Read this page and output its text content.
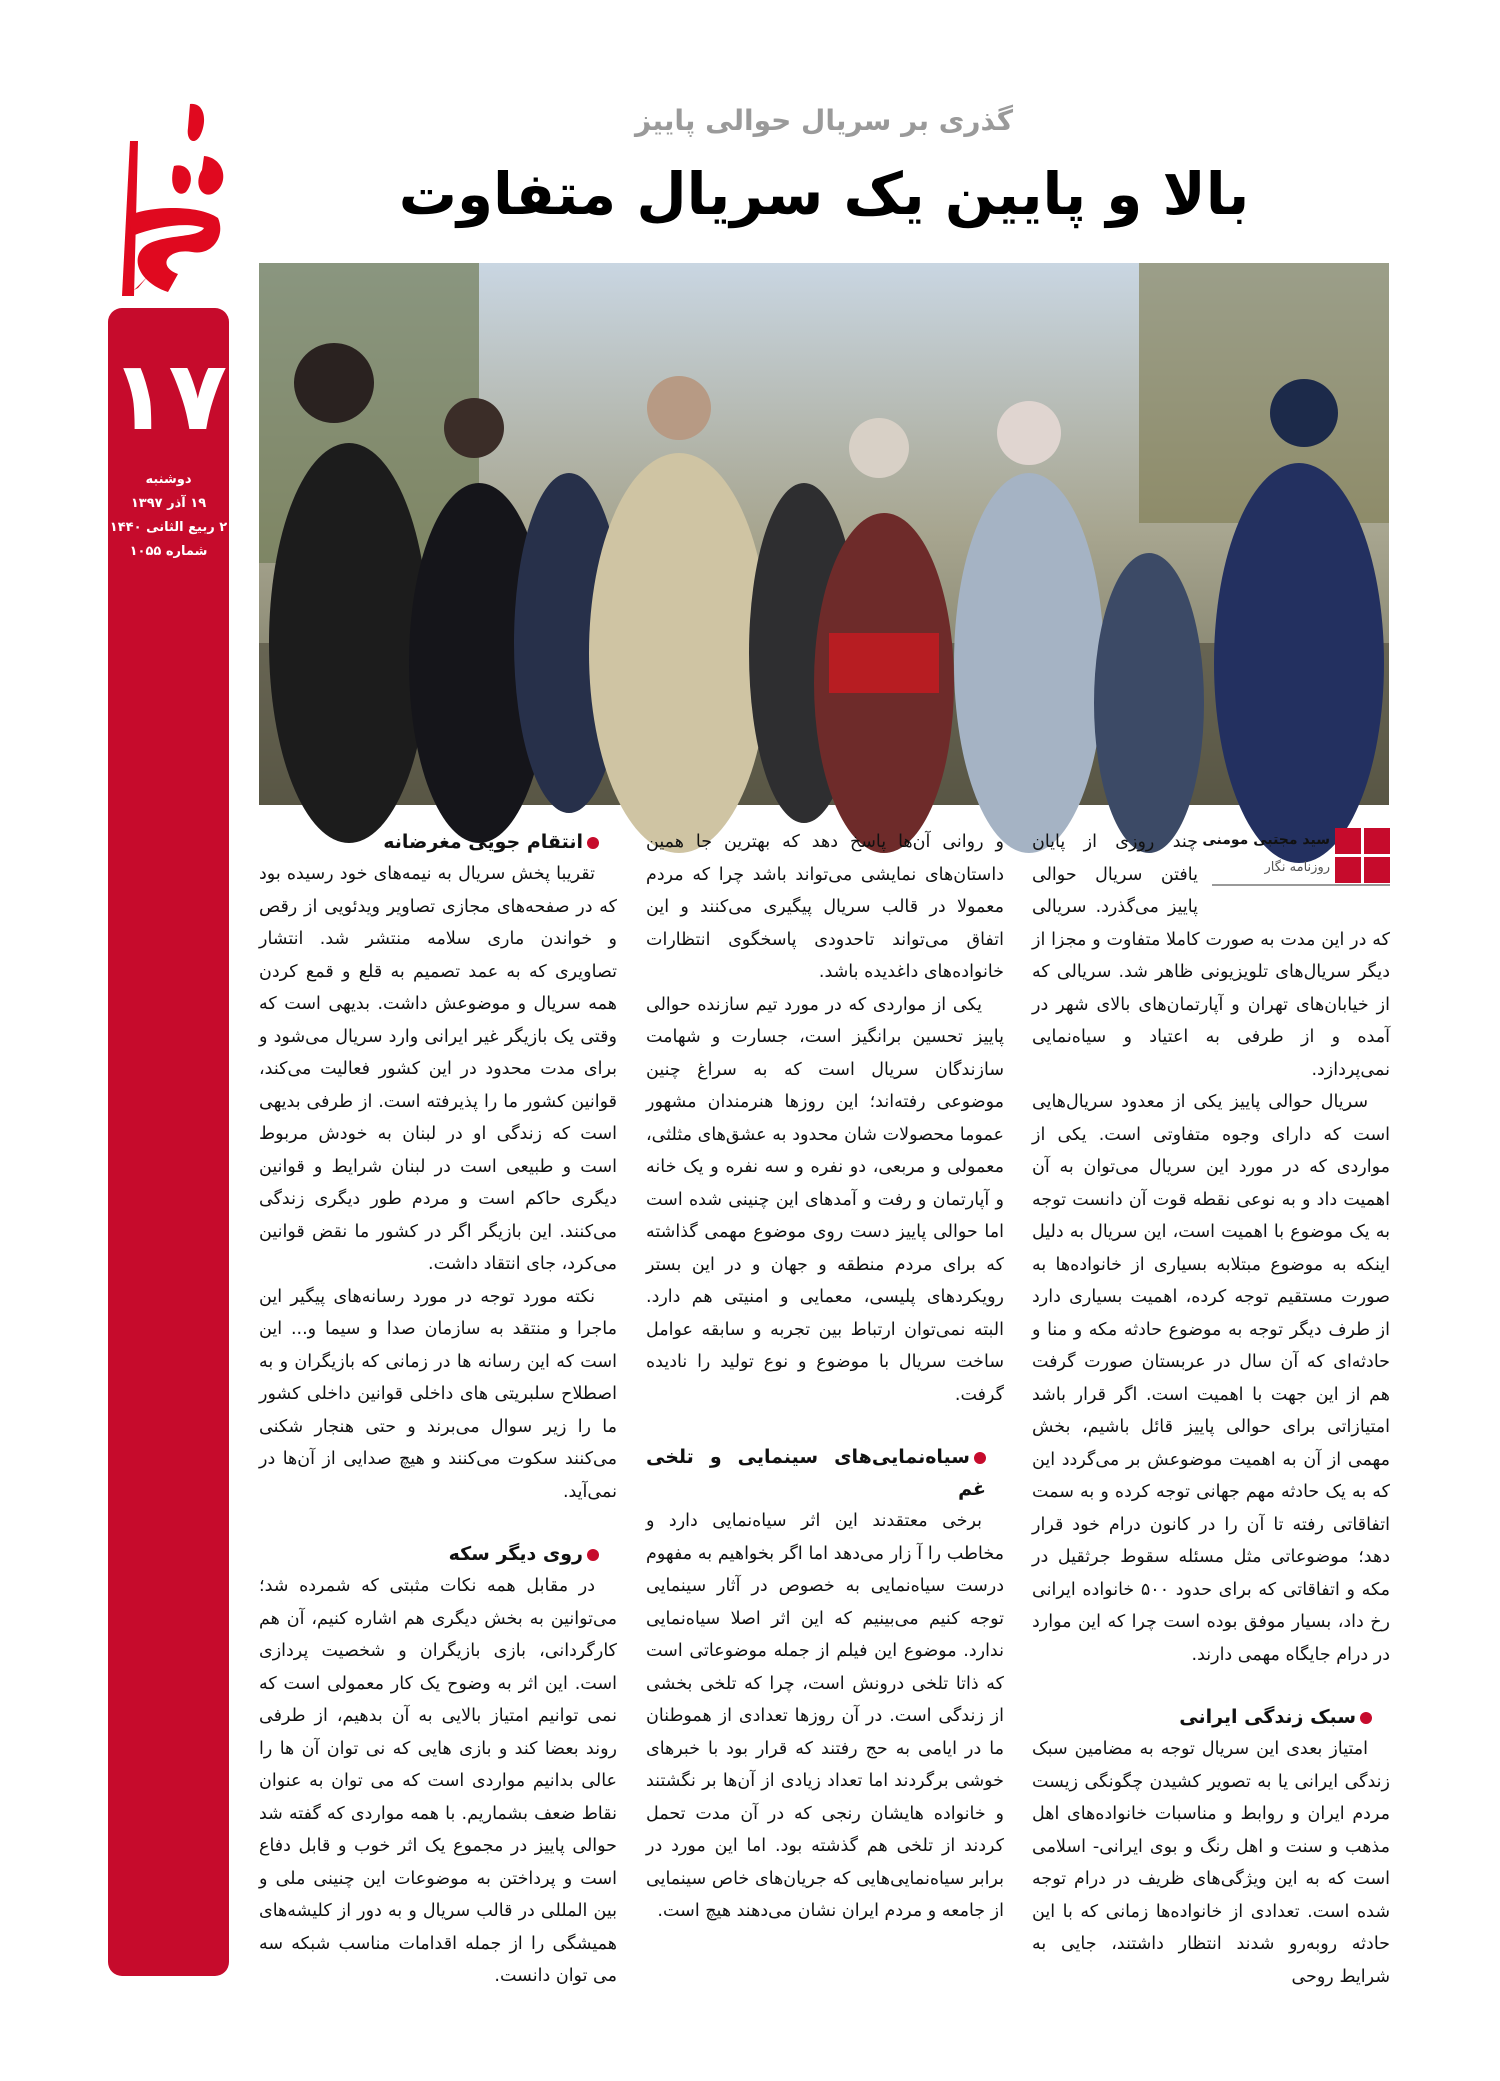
۱۷
دوشنبه
۱۹ آذر ۱۳۹۷
۲ ربیع الثانی ۱۴۴۰
شماره ۱۰۵۵
گذری بر سریال حوالی پاییز
بالا و پایین یک سریال متفاوت
سید مجتبی مومنی
روزنامه نگار

چند روزی از پایان یافتن سریال حوالی پاییز می‌گذرد. سریالی که در این مدت به صورت کاملا متفاوت و مجزا از دیگر سریال‌های تلویزیونی ظاهر شد. سریالی که از خیابان‌های تهران و آپارتمان‌های بالای شهر در آمده و از طرفی به اعتیاد و سیاه‌نمایی نمی‌پردازد.

سریال حوالی پاییز یکی از معدود سریال‌هایی است که دارای وجوه متفاوتی است. یکی از مواردی که در مورد این سریال می‌توان به آن اهمیت داد و به نوعی نقطه قوت آن دانست توجه به یک موضوع با اهمیت است، این سریال به دلیل اینکه به موضوع مبتلابه بسیاری از خانواده‌ها به صورت مستقیم توجه کرده، اهمیت بسیاری دارد از طرف دیگر توجه به موضوع حادثه مکه و منا و حادثه‌ای که آن سال در عربستان صورت گرفت هم از این جهت با اهمیت است. اگر قرار باشد امتیازاتی برای حوالی پاییز قائل باشیم، بخش مهمی از آن به اهمیت موضوعش بر می‌گردد این که به یک حادثه مهم جهانی توجه کرده و به سمت اتفاقاتی رفته تا آن را در کانون درام خود قرار دهد؛ موضوعاتی مثل مسئله سقوط جرثقیل در مکه و اتفاقاتی که برای حدود ۵۰۰ خانواده ایرانی رخ داد، بسیار موفق بوده است چرا که این موارد در درام جایگاه مهمی دارند.

سبک زندگی ایرانی

امتیاز بعدی این سریال توجه به مضامین سبک زندگی ایرانی یا به تصویر کشیدن چگونگی زیست مردم ایران و روابط و مناسبات خانواده‌های اهل مذهب و سنت و اهل رنگ و بوی ایرانی- اسلامی است که به این ویژگی‌های ظریف در درام توجه شده است. تعدادی از خانواده‌ها زمانی که با این حادثه روبه‌رو شدند انتظار داشتند، جایی به شرایط روحی

و روانی آن‌ها پاسخ دهد که بهترین جا همین داستان‌های نمایشی می‌تواند باشد چرا که مردم معمولا در قالب سریال پیگیری می‌کنند و این اتفاق می‌تواند تاحدودی پاسخگوی انتظارات خانواده‌های داغدیده باشد.

یکی از مواردی که در مورد تیم سازنده حوالی پاییز تحسین برانگیز است، جسارت و شهامت سازندگان سریال است که به سراغ چنین موضوعی رفته‌اند؛ این روزها هنرمندان مشهور عموما محصولات شان محدود به عشق‌های مثلثی، معمولی و مربعی، دو نفره و سه نفره و یک خانه و آپارتمان و رفت و آمدهای این چنینی شده است اما حوالی پاییز دست روی موضوع مهمی گذاشته که برای مردم منطقه و جهان و در این بستر رویکردهای پلیسی، معمایی و امنیتی هم دارد. البته نمی‌توان ارتباط بین تجربه و سابقه عوامل ساخت سریال با موضوع و نوع تولید را نادیده گرفت.

سیاه‌نمایی‌های سینمایی و تلخی غم

برخی معتقدند این اثر سیاه‌نمایی دارد و مخاطب را آ زار می‌دهد اما اگر بخواهیم به مفهوم درست سیاه‌نمایی به خصوص در آثار سینمایی توجه کنیم می‌بینیم که این اثر اصلا سیاه‌نمایی ندارد. موضوع این فیلم از جمله موضوعاتی است که ذاتا تلخی درونش است، چرا که تلخی بخشی از زندگی است. در آن روزها تعدادی از هموطنان ما در ایامی به حج رفتند که قرار بود با خبرهای خوشی برگردند اما تعداد زیادی از آن‌ها بر نگشتند و خانواده هایشان رنجی که در آن مدت تحمل کردند از تلخی هم گذشته بود. اما این مورد در برابر سیاه‌نمایی‌هایی که جریان‌های خاص سینمایی از جامعه و مردم ایران نشان می‌دهند هیچ است.

انتقام جویی مغرضانه

تقریبا پخش سریال به نیمه‌های خود رسیده بود که در صفحه‌های مجازی تصاویر ویدئویی از رقص و خواندن ماری سلامه منتشر شد. انتشار تصاویری که به عمد تصمیم به قلع و قمع کردن همه سریال و موضوعش داشت. بدیهی است که وقتی یک بازیگر غیر ایرانی وارد سریال می‌شود و برای مدت محدود در این کشور فعالیت می‌کند، قوانین کشور ما را پذیرفته است. از طرفی بدیهی است که زندگی او در لبنان به خودش مربوط است و طبیعی است در لبنان شرایط و قوانین دیگری حاکم است و مردم طور دیگری زندگی می‌کنند. این بازیگر اگر در کشور ما نقض قوانین می‌کرد، جای انتقاد داشت.

نکته مورد توجه در مورد رسانه‌های پیگیر این ماجرا و منتقد به سازمان صدا و سیما و... این است که این رسانه ها در زمانی که بازیگران و به اصطلاح سلبریتی های داخلی قوانین داخلی کشور ما را زیر سوال می‌برند و حتی هنجار شکنی می‌کنند سکوت می‌کنند و هیچ صدایی از آن‌ها در نمی‌آید.

روی دیگر سکه

در مقابل همه نکات مثبتی که شمرده شد؛ می‌توانین به بخش دیگری هم اشاره کنیم، آن هم کارگردانی، بازی بازیگران و شخصیت پردازی است. این اثر به وضوح یک کار معمولی است که نمی توانیم امتیاز بالایی به آن بدهیم، از طرفی روند بعضا کند و بازی هایی که نی توان آن ها را عالی بدانیم مواردی است که می توان به عنوان نقاط ضعف بشماریم. با همه مواردی که گفته شد حوالی پاییز در مجموع یک اثر خوب و قابل دفاع است و پرداختن به موضوعات این چنینی ملی و بین المللی در قالب سریال و به دور از کلیشه‌های همیشگی را از جمله اقدامات مناسب شبکه سه می توان دانست.
